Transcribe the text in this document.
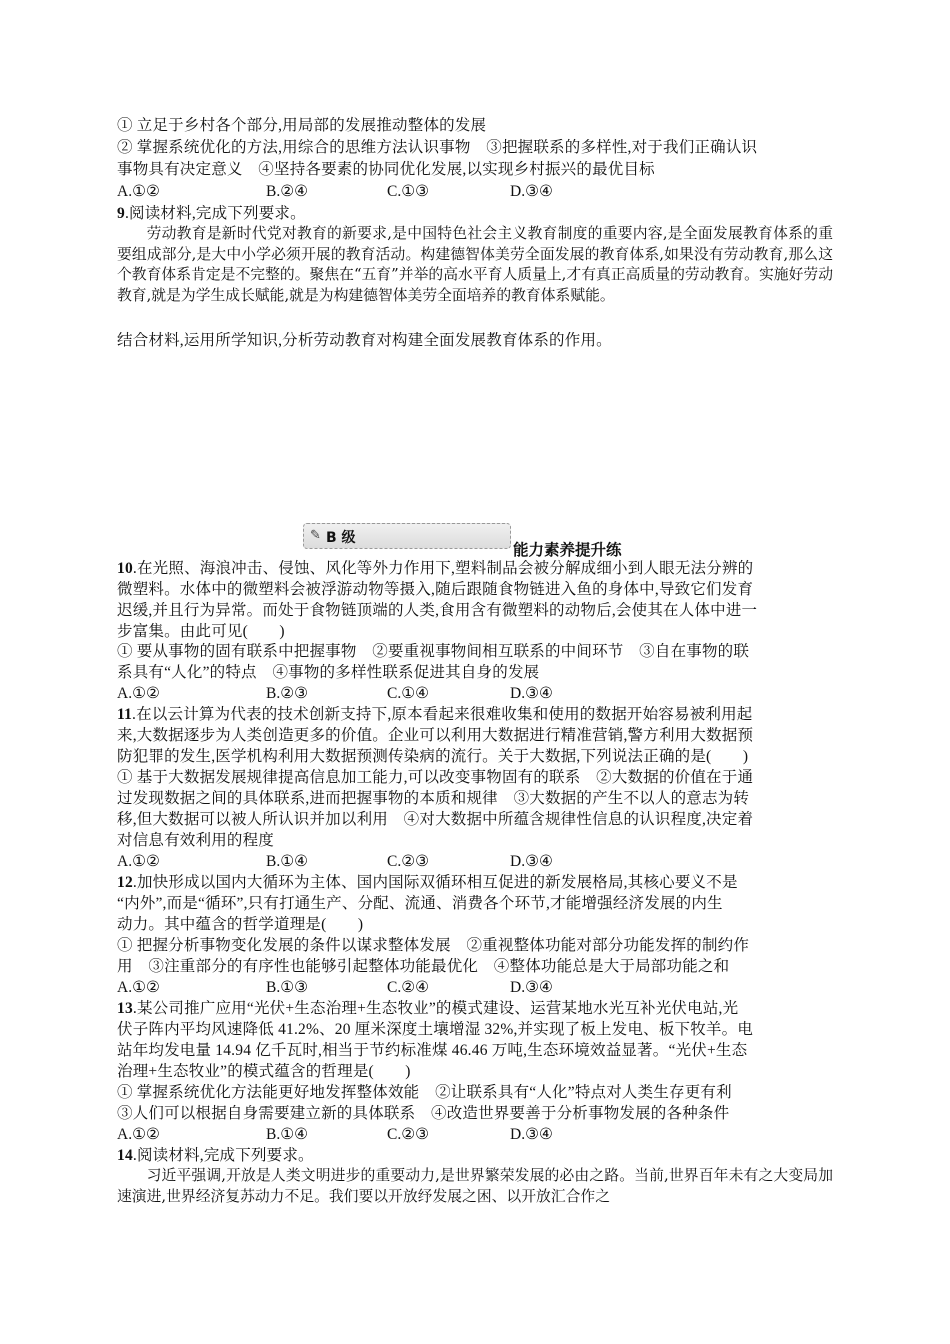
① 立足于乡村各个部分,用局部的发展推动整体的发展
② 掌握系统优化的方法,用综合的思维方法认识事物　③把握联系的多样性,对于我们正确认识
事物具有决定意义　④坚持各要素的协同优化发展,以实现乡村振兴的最优目标
A.①②	B.②④	C.①③	D.③④
9.阅读材料,完成下列要求。

劳动教育是新时代党对教育的新要求,是中国特色社会主义教育制度的重要内容,是全面发展教育体系的重要组成部分,是大中小学必须开展的教育活动。构建德智体美劳全面发展的教育体系,如果没有劳动教育,那么这个教育体系肯定是不完整的。聚焦在“五育”并举的高水平育人质量上,才有真正高质量的劳动教育。实施好劳动教育,就是为学生成长赋能,就是为构建德智体美劳全面培养的教育体系赋能。

结合材料,运用所学知识,分析劳动教育对构建全面发展教育体系的作用。
✎ B 级
能力素养提升练
10.在光照、海浪冲击、侵蚀、风化等外力作用下,塑料制品会被分解成细小到人眼无法分辨的
微塑料。水体中的微塑料会被浮游动物等摄入,随后跟随食物链进入鱼的身体中,导致它们发育
迟缓,并且行为异常。而处于食物链顶端的人类,食用含有微塑料的动物后,会使其在人体中进一
步富集。由此可见(　　)
① 要从事物的固有联系中把握事物　②要重视事物间相互联系的中间环节　③自在事物的联
系具有“人化”的特点　④事物的多样性联系促进其自身的发展
A.①②	B.②③	C.①④	D.③④
11.在以云计算为代表的技术创新支持下,原本看起来很难收集和使用的数据开始容易被利用起
来,大数据逐步为人类创造更多的价值。企业可以利用大数据进行精准营销,警方利用大数据预
防犯罪的发生,医学机构利用大数据预测传染病的流行。关于大数据,下列说法正确的是(　　)
① 基于大数据发展规律提高信息加工能力,可以改变事物固有的联系　②大数据的价值在于通
过发现数据之间的具体联系,进而把握事物的本质和规律　③大数据的产生不以人的意志为转
移,但大数据可以被人所认识并加以利用　④对大数据中所蕴含规律性信息的认识程度,决定着
对信息有效利用的程度
A.①②	B.①④	C.②③	D.③④
12.加快形成以国内大循环为主体、国内国际双循环相互促进的新发展格局,其核心要义不是
“内外”,而是“循环”,只有打通生产、分配、流通、消费各个环节,才能增强经济发展的内生
动力。其中蕴含的哲学道理是(　　)
① 把握分析事物变化发展的条件以谋求整体发展　②重视整体功能对部分功能发挥的制约作
用　③注重部分的有序性也能够引起整体功能最优化　④整体功能总是大于局部功能之和
A.①②	B.①③	C.②④	D.③④
13.某公司推广应用“光伏+生态治理+生态牧业”的模式建设、运营某地水光互补光伏电站,光
伏子阵内平均风速降低 41.2%、20 厘米深度土壤增湿 32%,并实现了板上发电、板下牧羊。电
站年均发电量 14.94 亿千瓦时,相当于节约标准煤 46.46 万吨,生态环境效益显著。“光伏+生态
治理+生态牧业”的模式蕴含的哲理是(　　)
① 掌握系统优化方法能更好地发挥整体效能　②让联系具有“人化”特点对人类生存更有利
③人们可以根据自身需要建立新的具体联系　④改造世界要善于分析事物发展的各种条件
A.①②	B.①④	C.②③	D.③④
14.阅读材料,完成下列要求。

习近平强调,开放是人类文明进步的重要动力,是世界繁荣发展的必由之路。当前,世界百年未有之大变局加速演进,世界经济复苏动力不足。我们要以开放纾发展之困、以开放汇合作之
